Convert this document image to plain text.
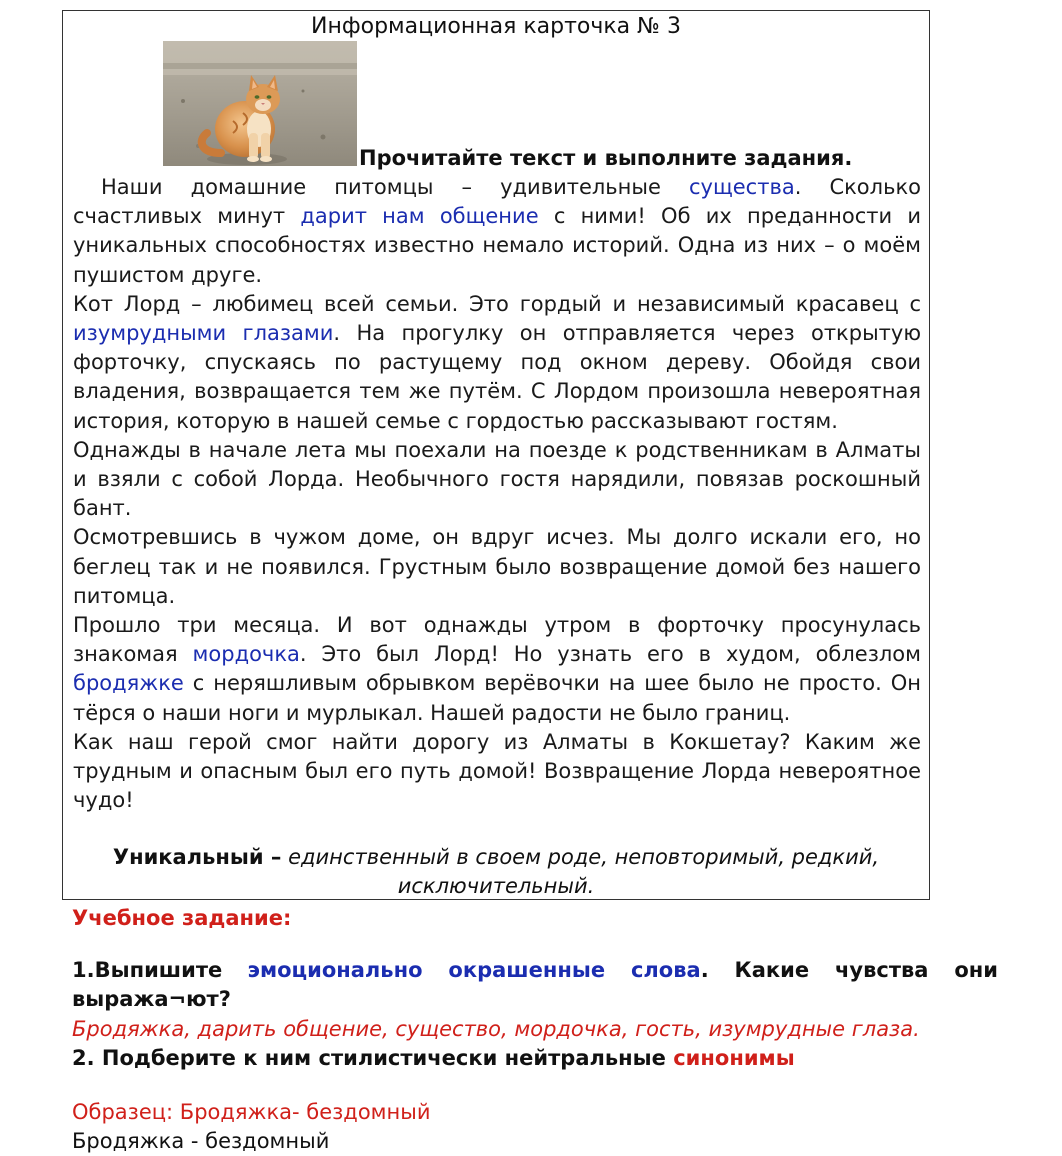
Информационная карточка № 3
Прочитайте текст и выполните задания.

Наши домашние питомцы – удивительные существа. Сколько счастливых минут дарит нам общение с ними! Об их преданности и уникальных способностях известно немало историй. Одна из них – о моём пушистом друге.

Кот Лорд – любимец всей семьи. Это гордый и независимый красавец с изумрудными глазами. На прогулку он отправляется через открытую форточку, спускаясь по растущему под окном дереву. Обойдя свои владения, возвращается тем же путём. С Лордом произошла невероятная история, которую в нашей семье с гордостью рассказывают гостям.

Однажды в начале лета мы поехали на поезде к родственникам в Алматы и взяли с собой Лорда. Необычного гостя нарядили, повязав роскошный бант.

Осмотревшись в чужом доме, он вдруг исчез. Мы долго искали его, но беглец так и не появился. Грустным было возвращение домой без нашего питомца.

Прошло три месяца. И вот однажды утром в форточку просунулась знакомая мордочка. Это был Лорд! Но узнать его в худом, облезлом бродяжке с неряшливым обрывком верёвочки на шее было не просто. Он тёрся о наши ноги и мурлыкал. Нашей радости не было границ.

Как наш герой смог найти дорогу из Алматы в Кокшетау? Каким же трудным и опасным был его путь домой! Возвращение Лорда невероятное чудо!

Уникальный – единственный в своем роде, неповторимый, редкий, исключительный.
Учебное задание:
1.Выпишите эмоционально окрашенные слова. Какие чувства они выража¬ют?
Бродяжка, дарить общение, существо, мордочка, гость, изумрудные глаза.
2. Подберите к ним стилистически нейтральные синонимы
Образец: Бродяжка- бездомный
Бродяжка - бездомный
